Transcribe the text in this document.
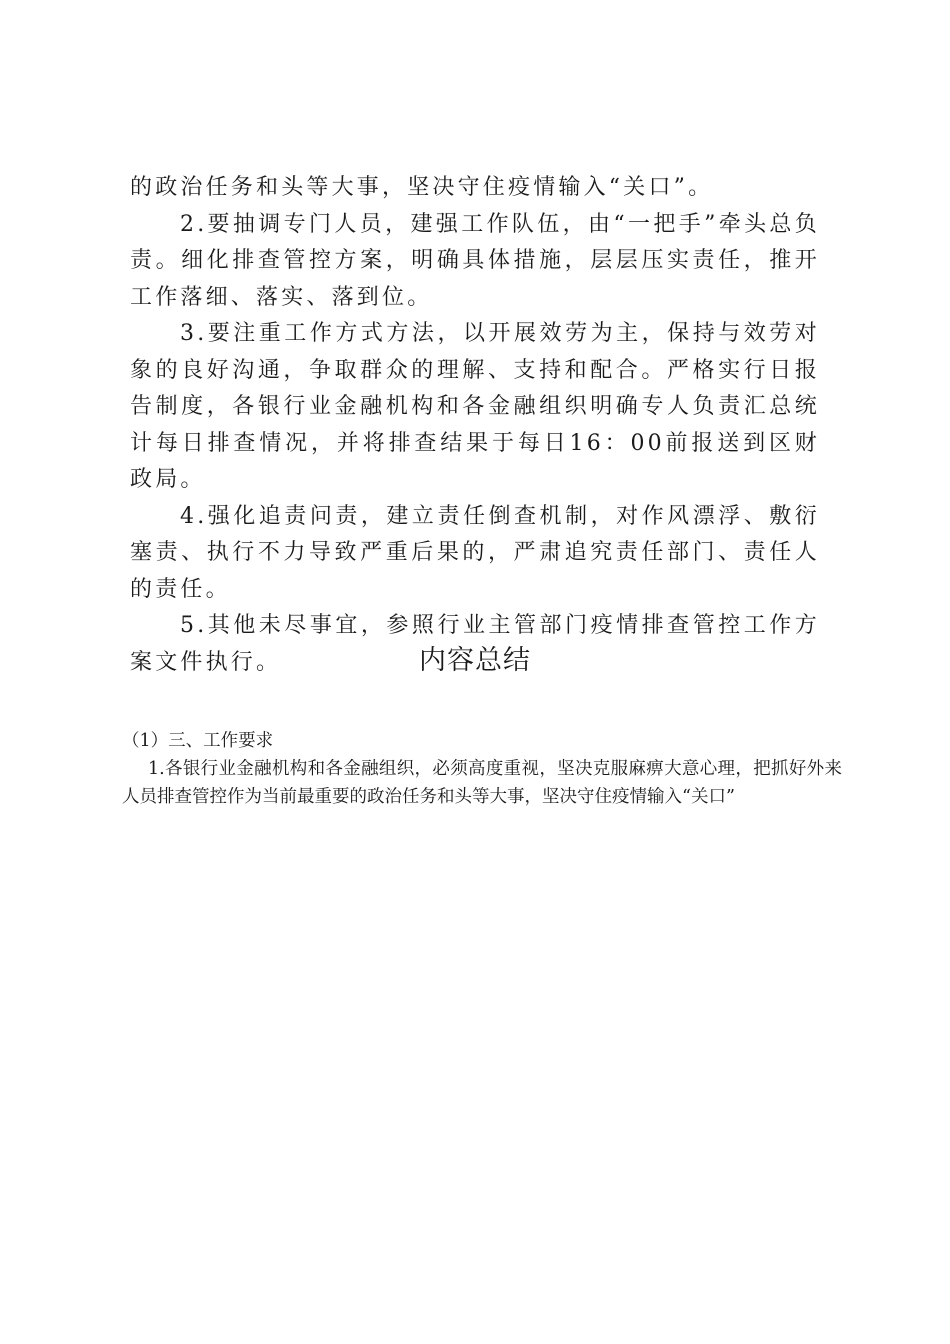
的政治任务和头等大事，坚决守住疫情输入“关口”。

2.要抽调专门人员，建强工作队伍，由“一把手”牵头总负责。细化排查管控方案，明确具体措施，层层压实责任，推开工作落细、落实、落到位。

3.要注重工作方式方法，以开展效劳为主，保持与效劳对象的良好沟通，争取群众的理解、支持和配合。严格实行日报告制度，各银行业金融机构和各金融组织明确专人负责汇总统计每日排查情况，并将排查结果于每日16：00前报送到区财政局。

4.强化追责问责，建立责任倒查机制，对作风漂浮、敷衍塞责、执行不力导致严重后果的，严肃追究责任部门、责任人的责任。

5.其他未尽事宜，参照行业主管部门疫情排查管控工作方案文件执行。	内容总结

（1）三、工作要求

1.各银行业金融机构和各金融组织，必须高度重视，坚决克服麻痹大意心理，把抓好外来人员排查管控作为当前最重要的政治任务和头等大事，坚决守住疫情输入“关口”
